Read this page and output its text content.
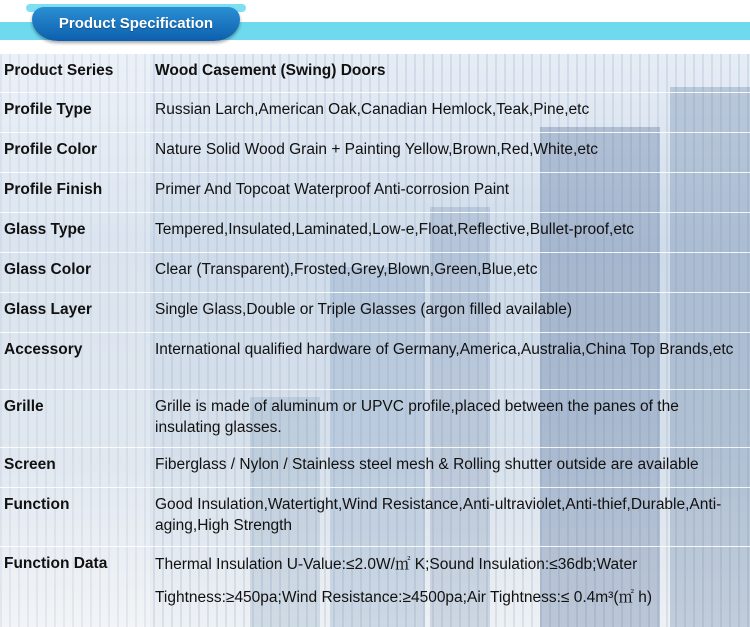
Product Specification
Product Series	Wood Casement (Swing) Doors
Profile Type	Russian Larch,American Oak,Canadian Hemlock,Teak,Pine,etc
Profile Color	Nature Solid Wood Grain + Painting Yellow,Brown,Red,White,etc
Profile Finish	Primer And Topcoat Waterproof Anti-corrosion Paint
Glass Type	Tempered,Insulated,Laminated,Low-e,Float,Reflective,Bullet-proof,etc
Glass Color	Clear (Transparent),Frosted,Grey,Blown,Green,Blue,etc
Glass Layer	Single Glass,Double or Triple Glasses (argon filled available)
Accessory	International qualified hardware of Germany,America,Australia,China Top Brands,etc
Grille	Grille is made of aluminum or UPVC profile,placed between the panes of the insulating glasses.
Screen	Fiberglass / Nylon / Stainless steel mesh & Rolling shutter outside are available
Function	Good Insulation,Watertight,Wind Resistance,Anti-ultraviolet,Anti-thief,Durable,Anti-aging,High Strength
Function Data	Thermal Insulation U-Value:≤2.0W/㎡ K;Sound Insulation:≤36db;Water Tightness:≥450pa;Wind Resistance:≥4500pa;Air Tightness:≤ 0.4m³(㎡ h)
